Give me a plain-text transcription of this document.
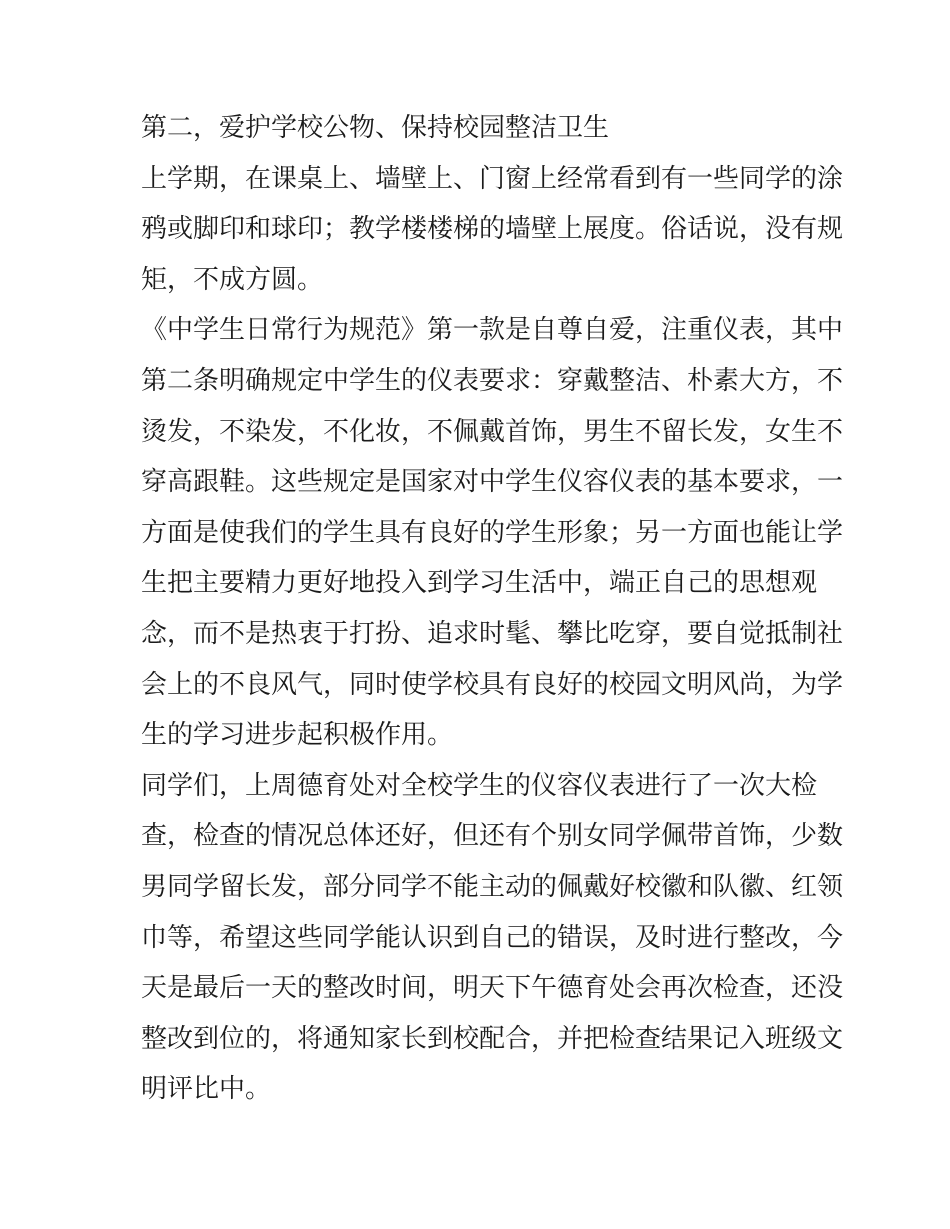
第二，爱护学校公物、保持校园整洁卫生
上学期，在课桌上、墙壁上、门窗上经常看到有一些同学的涂
鸦或脚印和球印；教学楼楼梯的墙壁上展度。俗话说，没有规
矩，不成方圆。
《中学生日常行为规范》第一款是自尊自爱，注重仪表，其中
第二条明确规定中学生的仪表要求：穿戴整洁、朴素大方，不
烫发，不染发，不化妆，不佩戴首饰，男生不留长发，女生不
穿高跟鞋。这些规定是国家对中学生仪容仪表的基本要求，一
方面是使我们的学生具有良好的学生形象；另一方面也能让学
生把主要精力更好地投入到学习生活中，端正自己的思想观
念，而不是热衷于打扮、追求时髦、攀比吃穿，要自觉抵制社
会上的不良风气，同时使学校具有良好的校园文明风尚，为学
生的学习进步起积极作用。
同学们，上周德育处对全校学生的仪容仪表进行了一次大检
查，检查的情况总体还好，但还有个别女同学佩带首饰，少数
男同学留长发，部分同学不能主动的佩戴好校徽和队徽、红领
巾等，希望这些同学能认识到自己的错误，及时进行整改，今
天是最后一天的整改时间，明天下午德育处会再次检查，还没
整改到位的，将通知家长到校配合，并把检查结果记入班级文
明评比中。
